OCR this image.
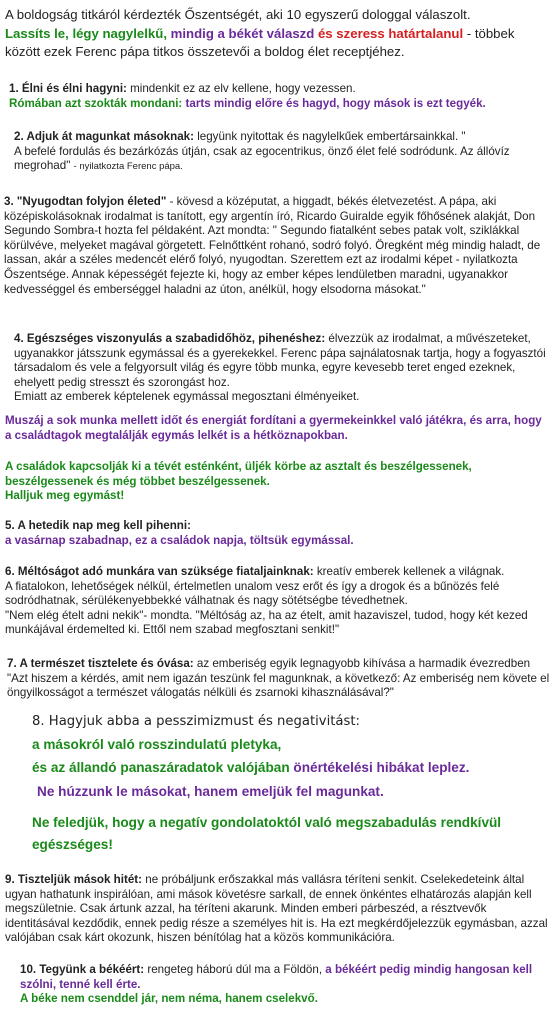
A boldogság titkáról kérdezték Őszentségét, aki 10 egyszerű dologgal válaszolt.
Lassíts le, légy nagylelkű, mindig a békét válaszd és szeress határtalanul - többek között ezek Ferenc pápa titkos összetevői a boldog élet receptjéhez.
1. Élni és élni hagyni: mindenkit ez az elv kellene, hogy vezessen.
Rómában azt szokták mondani: tarts mindig előre és hagyd, hogy mások is ezt tegyék.
2. Adjuk át magunkat másoknak: legyünk nyitottak és nagylelkűek embertársainkkal. "
A befelé fordulás és bezárkózás útján, csak az egocentrikus, önző élet felé sodródunk. Az állóvíz
megrohad" - nyilatkozta Ferenc pápa.
3. "Nyugodtan folyjon életed" - kövesd a középutat, a higgadt, békés életvezetést. A pápa, aki középiskolásoknak irodalmat is tanított, egy argentín író, Ricardo Guiralde egyik főhősének alakját, Don Segundo Sombra-t hozta fel példaként. Azt mondta: " Segundo fiatalként sebes patak volt, sziklákkal körülvéve, melyeket magával görgetett. Felnőttként rohanó, sodró folyó. Öregként még mindig haladt, de lassan, akár a széles medencét elérő folyó, nyugodtan. Szerettem ezt az irodalmi képet - nyilatkozta Őszentsége. Annak képességét fejezte ki, hogy az ember képes lendületben maradni, ugyanakkor kedvességgel és emberséggel haladni az úton, anélkül, hogy elsodorna másokat."
4. Egészséges viszonyulás a szabadidőhöz, pihenéshez: élvezzük az irodalmat, a művészeteket, ugyanakkor játsszunk egymással és a gyerekekkel. Ferenc pápa sajnálatosnak tartja, hogy a fogyasztói társadalom és vele a felgyorsult világ és egyre több munka, egyre kevesebb teret enged ezeknek, ehelyett pedig stresszt és szorongást hoz.
Emiatt az emberek képtelenek egymással megosztani élményeiket.
Muszáj a sok munka mellett időt és energiát fordítani a gyermekeinkkel való játékra, és arra, hogy a családtagok megtalálják egymás lelkét is a hétköznapokban.
A családok kapcsolják ki a tévét esténként, üljék körbe az asztalt és beszélgessenek, beszélgessenek és még többet beszélgessenek.
Halljuk meg egymást!
5. A hetedik nap meg kell pihenni:
a vasárnap szabadnap, ez a családok napja, töltsük egymással.
6. Méltóságot adó munkára van szüksége fiataljainknak: kreatív emberek kellenek a világnak.
A fiatalokon, lehetőségek nélkül, értelmetlen unalom vesz erőt és így a drogok és a bűnözés felé sodródhatnak, sérülékenyebbekké válhatnak és nagy sötétségbe tévedhetnek.
"Nem elég ételt adni nekik"- mondta. "Méltóság az, ha az ételt, amit hazaviszel, tudod, hogy két kezed munkájával érdemelted ki. Ettől nem szabad megfosztani senkit!"
7. A természet tisztelete és óvása: az emberiség egyik legnagyobb kihívása a harmadik évezredben
"Azt hiszem a kérdés, amit nem igazán teszünk fel magunknak, a következő: Az emberiség nem követe el öngyilkosságot a természet válogatás nélküli és zsarnoki kihasználásával?"
8. Hagyjuk abba a pesszimizmust és negativitást:
a másokról való rosszindulatú pletyka,
és az állandó panaszáradatok valójában önértékelési hibákat leplez.
Ne húzzunk le másokat, hanem emeljük fel magunkat.
Ne feledjük, hogy a negatív gondolatoktól való megszabadulás rendkívül egészséges!
9. Tiszteljük mások hitét: ne próbáljunk erőszakkal más vallásra téríteni senkit. Cselekedeteink által ugyan hathatunk inspirálóan, ami mások követésre sarkall, de ennek önkéntes elhatározás alapján kell megszületnie. Csak ártunk azzal, ha téríteni akarunk. Minden emberi párbeszéd, a résztvevők identitásával kezdődik, ennek pedig része a személyes hit is. Ha ezt megkérdőjelezzük egymásban, azzal valójában csak kárt okozunk, hiszen bénítólag hat a közös kommunikációra.
10. Tegyünk a békéért: rengeteg háború dúl ma a Földön, a békéért pedig mindig hangosan kell szólni, tenné kell érte.
A béke nem csenddel jár, nem néma, hanem cselekvő.
